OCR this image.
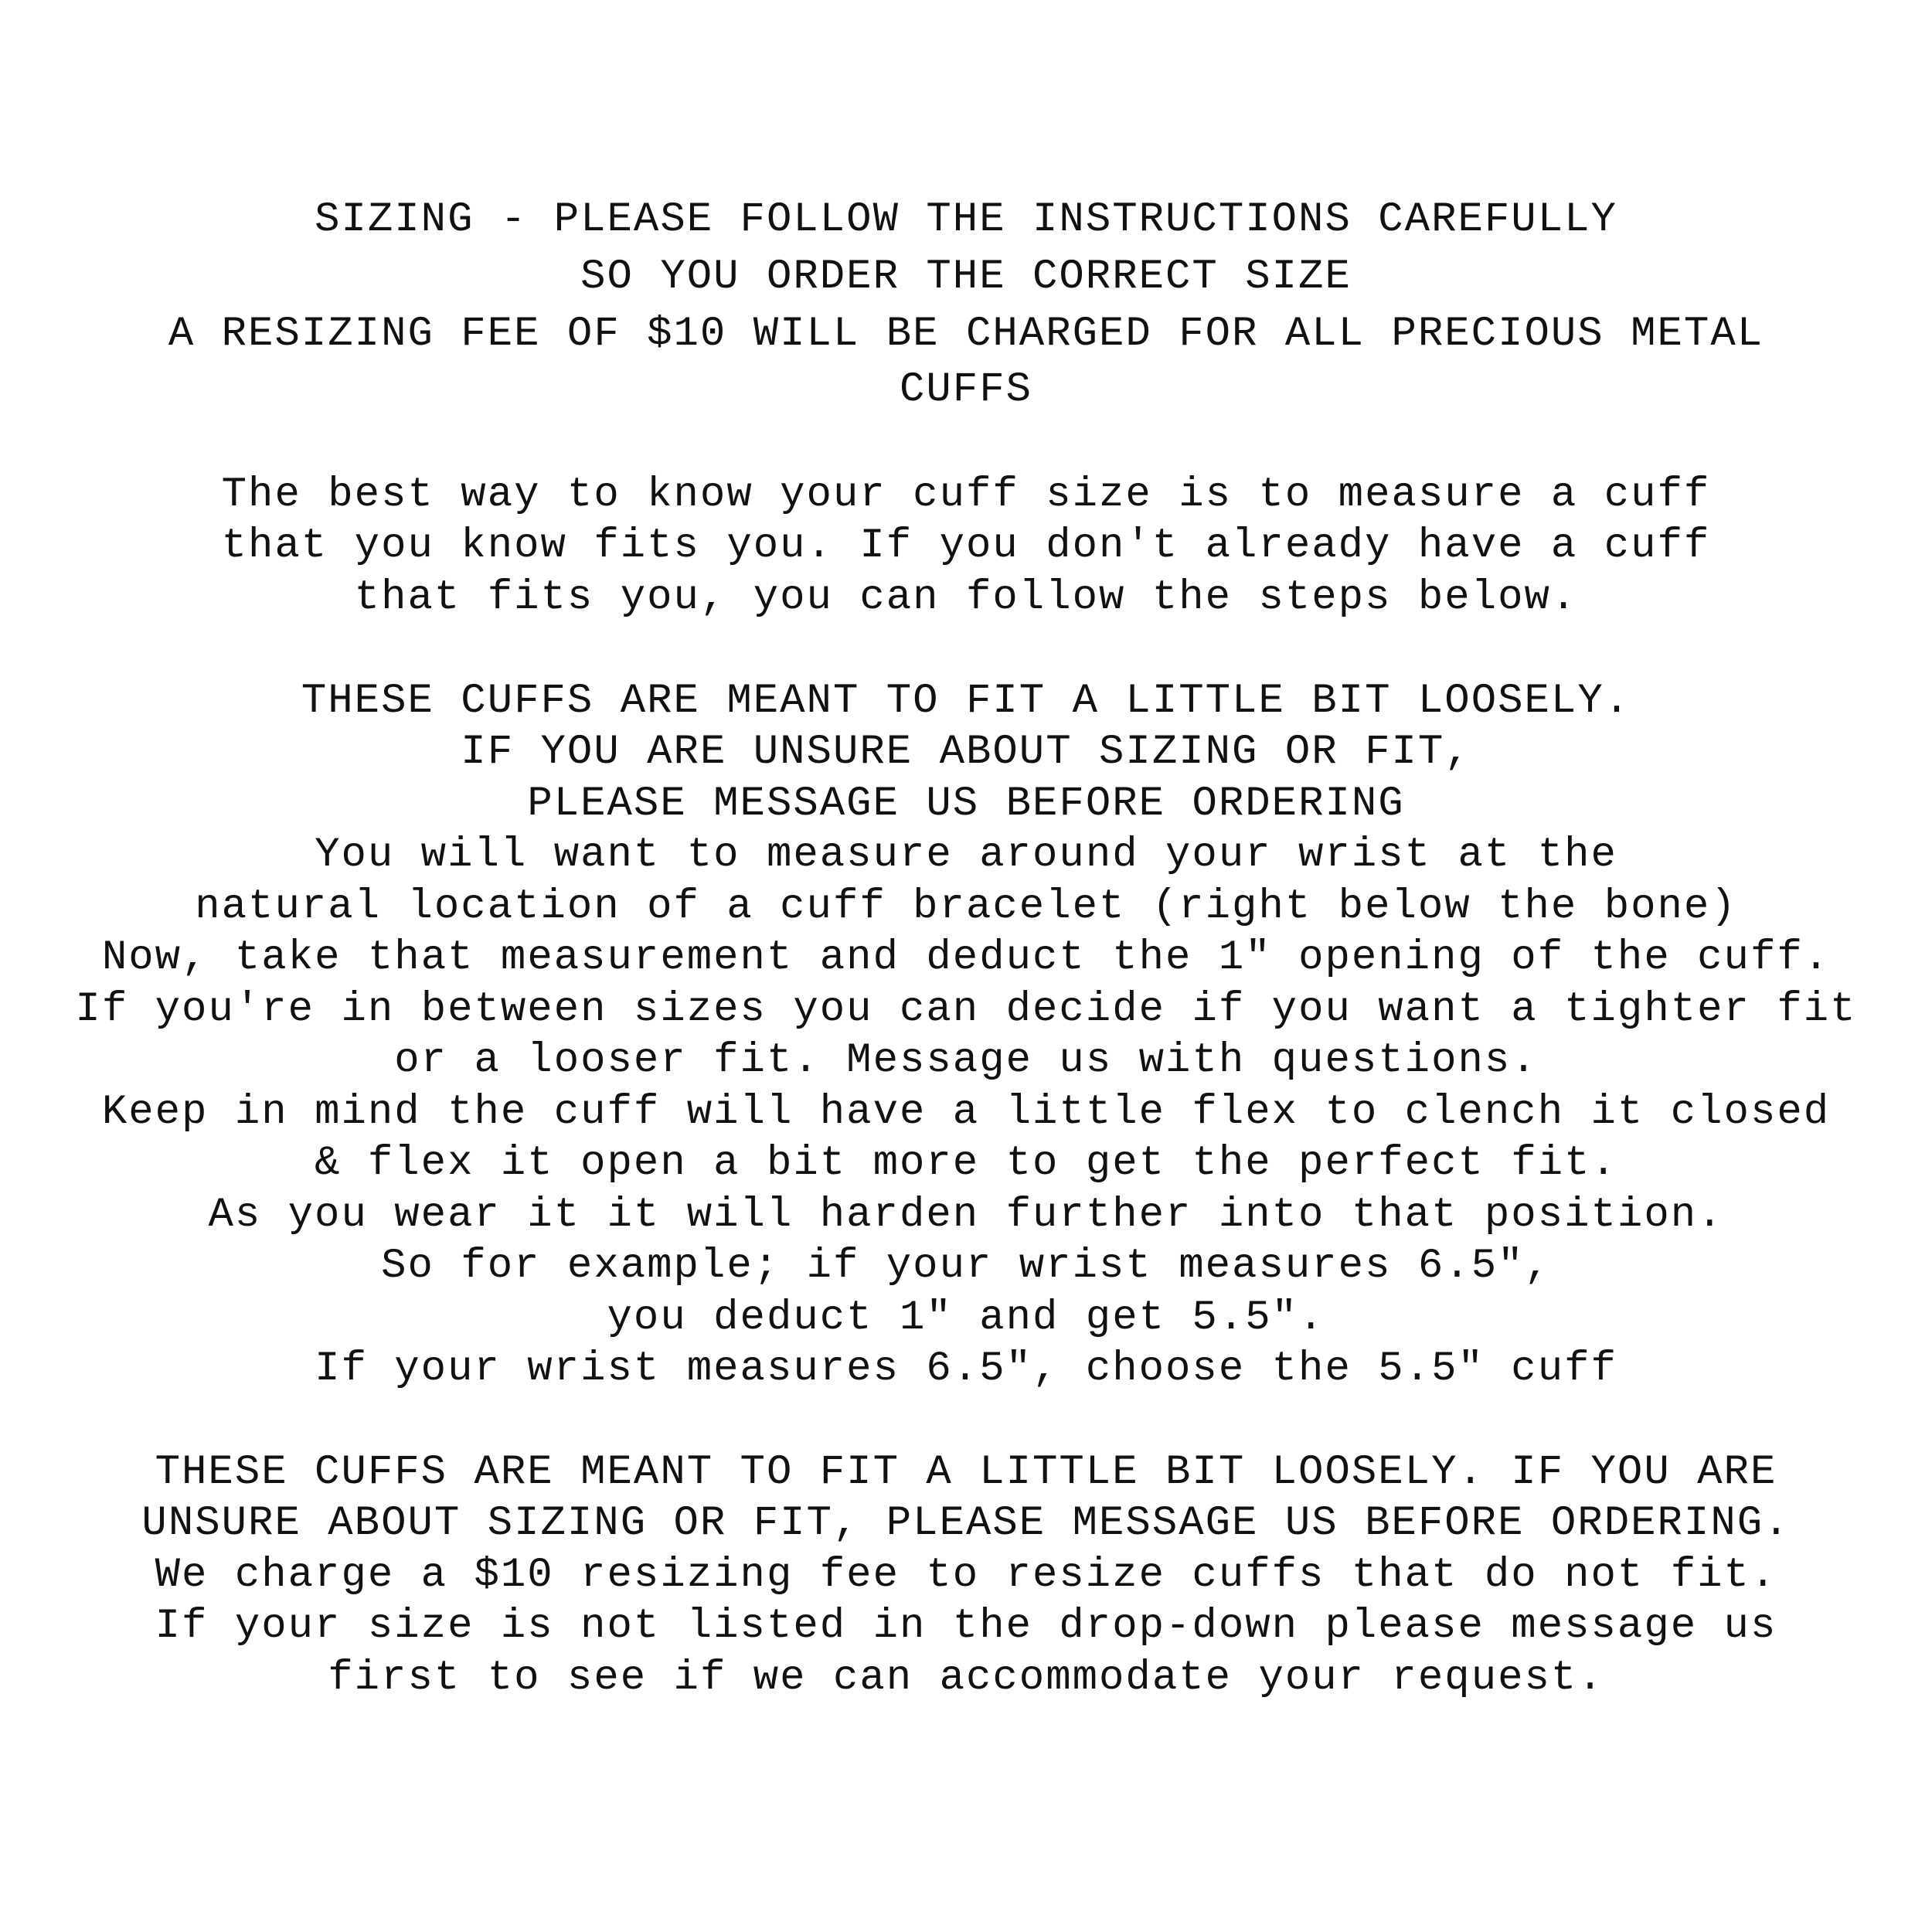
SIZING - PLEASE FOLLOW THE INSTRUCTIONS CAREFULLY
SO YOU ORDER THE CORRECT SIZE
A RESIZING FEE OF $10 WILL BE CHARGED FOR ALL PRECIOUS METAL
CUFFS
The best way to know your cuff size is to measure a cuff
that you know fits you. If you don't already have a cuff
that fits you, you can follow the steps below.
THESE CUFFS ARE MEANT TO FIT A LITTLE BIT LOOSELY.
IF YOU ARE UNSURE ABOUT SIZING OR FIT,
PLEASE MESSAGE US BEFORE ORDERING
You will want to measure around your wrist at the
natural location of a cuff bracelet (right below the bone)
Now, take that measurement and deduct the 1" opening of the cuff.
If you're in between sizes you can decide if you want a tighter fit
or a looser fit. Message us with questions.
Keep in mind the cuff will have a little flex to clench it closed
& flex it open a bit more to get the perfect fit.
As you wear it it will harden further into that position.
So for example; if your wrist measures 6.5",
you deduct 1" and get 5.5".
If your wrist measures 6.5", choose the 5.5" cuff
THESE CUFFS ARE MEANT TO FIT A LITTLE BIT LOOSELY. IF YOU ARE
UNSURE ABOUT SIZING OR FIT, PLEASE MESSAGE US BEFORE ORDERING.
We charge a $10 resizing fee to resize cuffs that do not fit.
If your size is not listed in the drop-down please message us
first to see if we can accommodate your request.
